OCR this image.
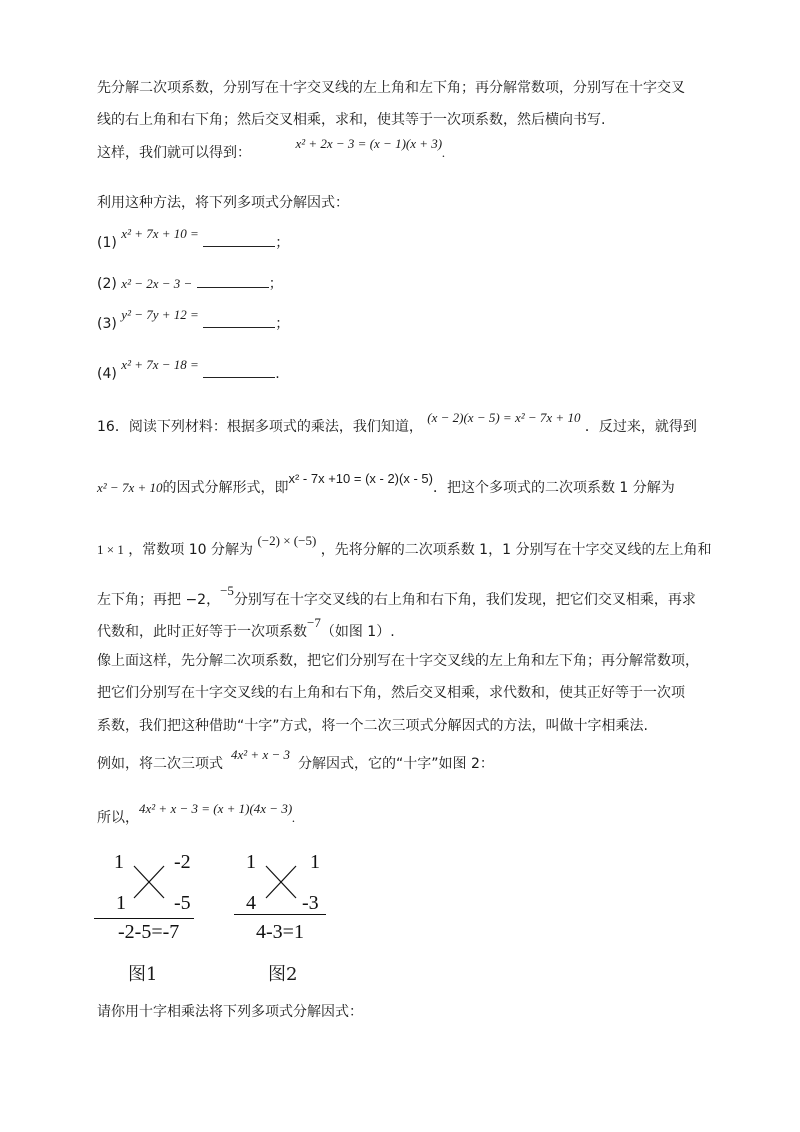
先分解二次项系数，分别写在十字交叉线的左上角和左下角；再分解常数项，分别写在十字交叉
线的右上角和右下角；然后交叉相乘，求和，使其等于一次项系数，然后横向书写.
这样，我们就可以得到： x² + 2x − 3 = (x − 1)(x + 3).
利用这种方法，将下列多项式分解因式：
(1) x² + 7x + 10 = ；
(2) x² − 2x − 3 −	；
(3) y² − 7y + 12 = ；
(4) x² + 7x − 18 = .
16．阅读下列材料：根据多项式的乘法，我们知道， (x − 2)(x − 5) = x² − 7x + 10 ．反过来，就得到
x² − 7x + 10的因式分解形式，即x² - 7x +10 = (x - 2)(x - 5)．把这个多项式的二次项系数 1 分解为
1 × 1 ，常数项 10 分解为 (−2) × (−5) ，先将分解的二次项系数 1，1 分别写在十字交叉线的左上角和
左下角；再把 −2，−5分别写在十字交叉线的右上角和右下角，我们发现，把它们交叉相乘，再求
代数和，此时正好等于一次项系数−7（如图 1）.
像上面这样，先分解二次项系数，把它们分别写在十字交叉线的左上角和左下角；再分解常数项，
把它们分别写在十字交叉线的右上角和右下角，然后交叉相乘，求代数和，使其正好等于一次项
系数，我们把这种借助“十字”方式，将一个二次三项式分解因式的方法，叫做十字相乘法.
例如，将二次三项式4x² + x − 3分解因式，它的“十字”如图 2：
所以，4x² + x − 3 = (x + 1)(4x − 3).
1	-2
1 -5
-2-5=-7
图1
1	1
4 -3
4-3=1
图2
请你用十字相乘法将下列多项式分解因式：
